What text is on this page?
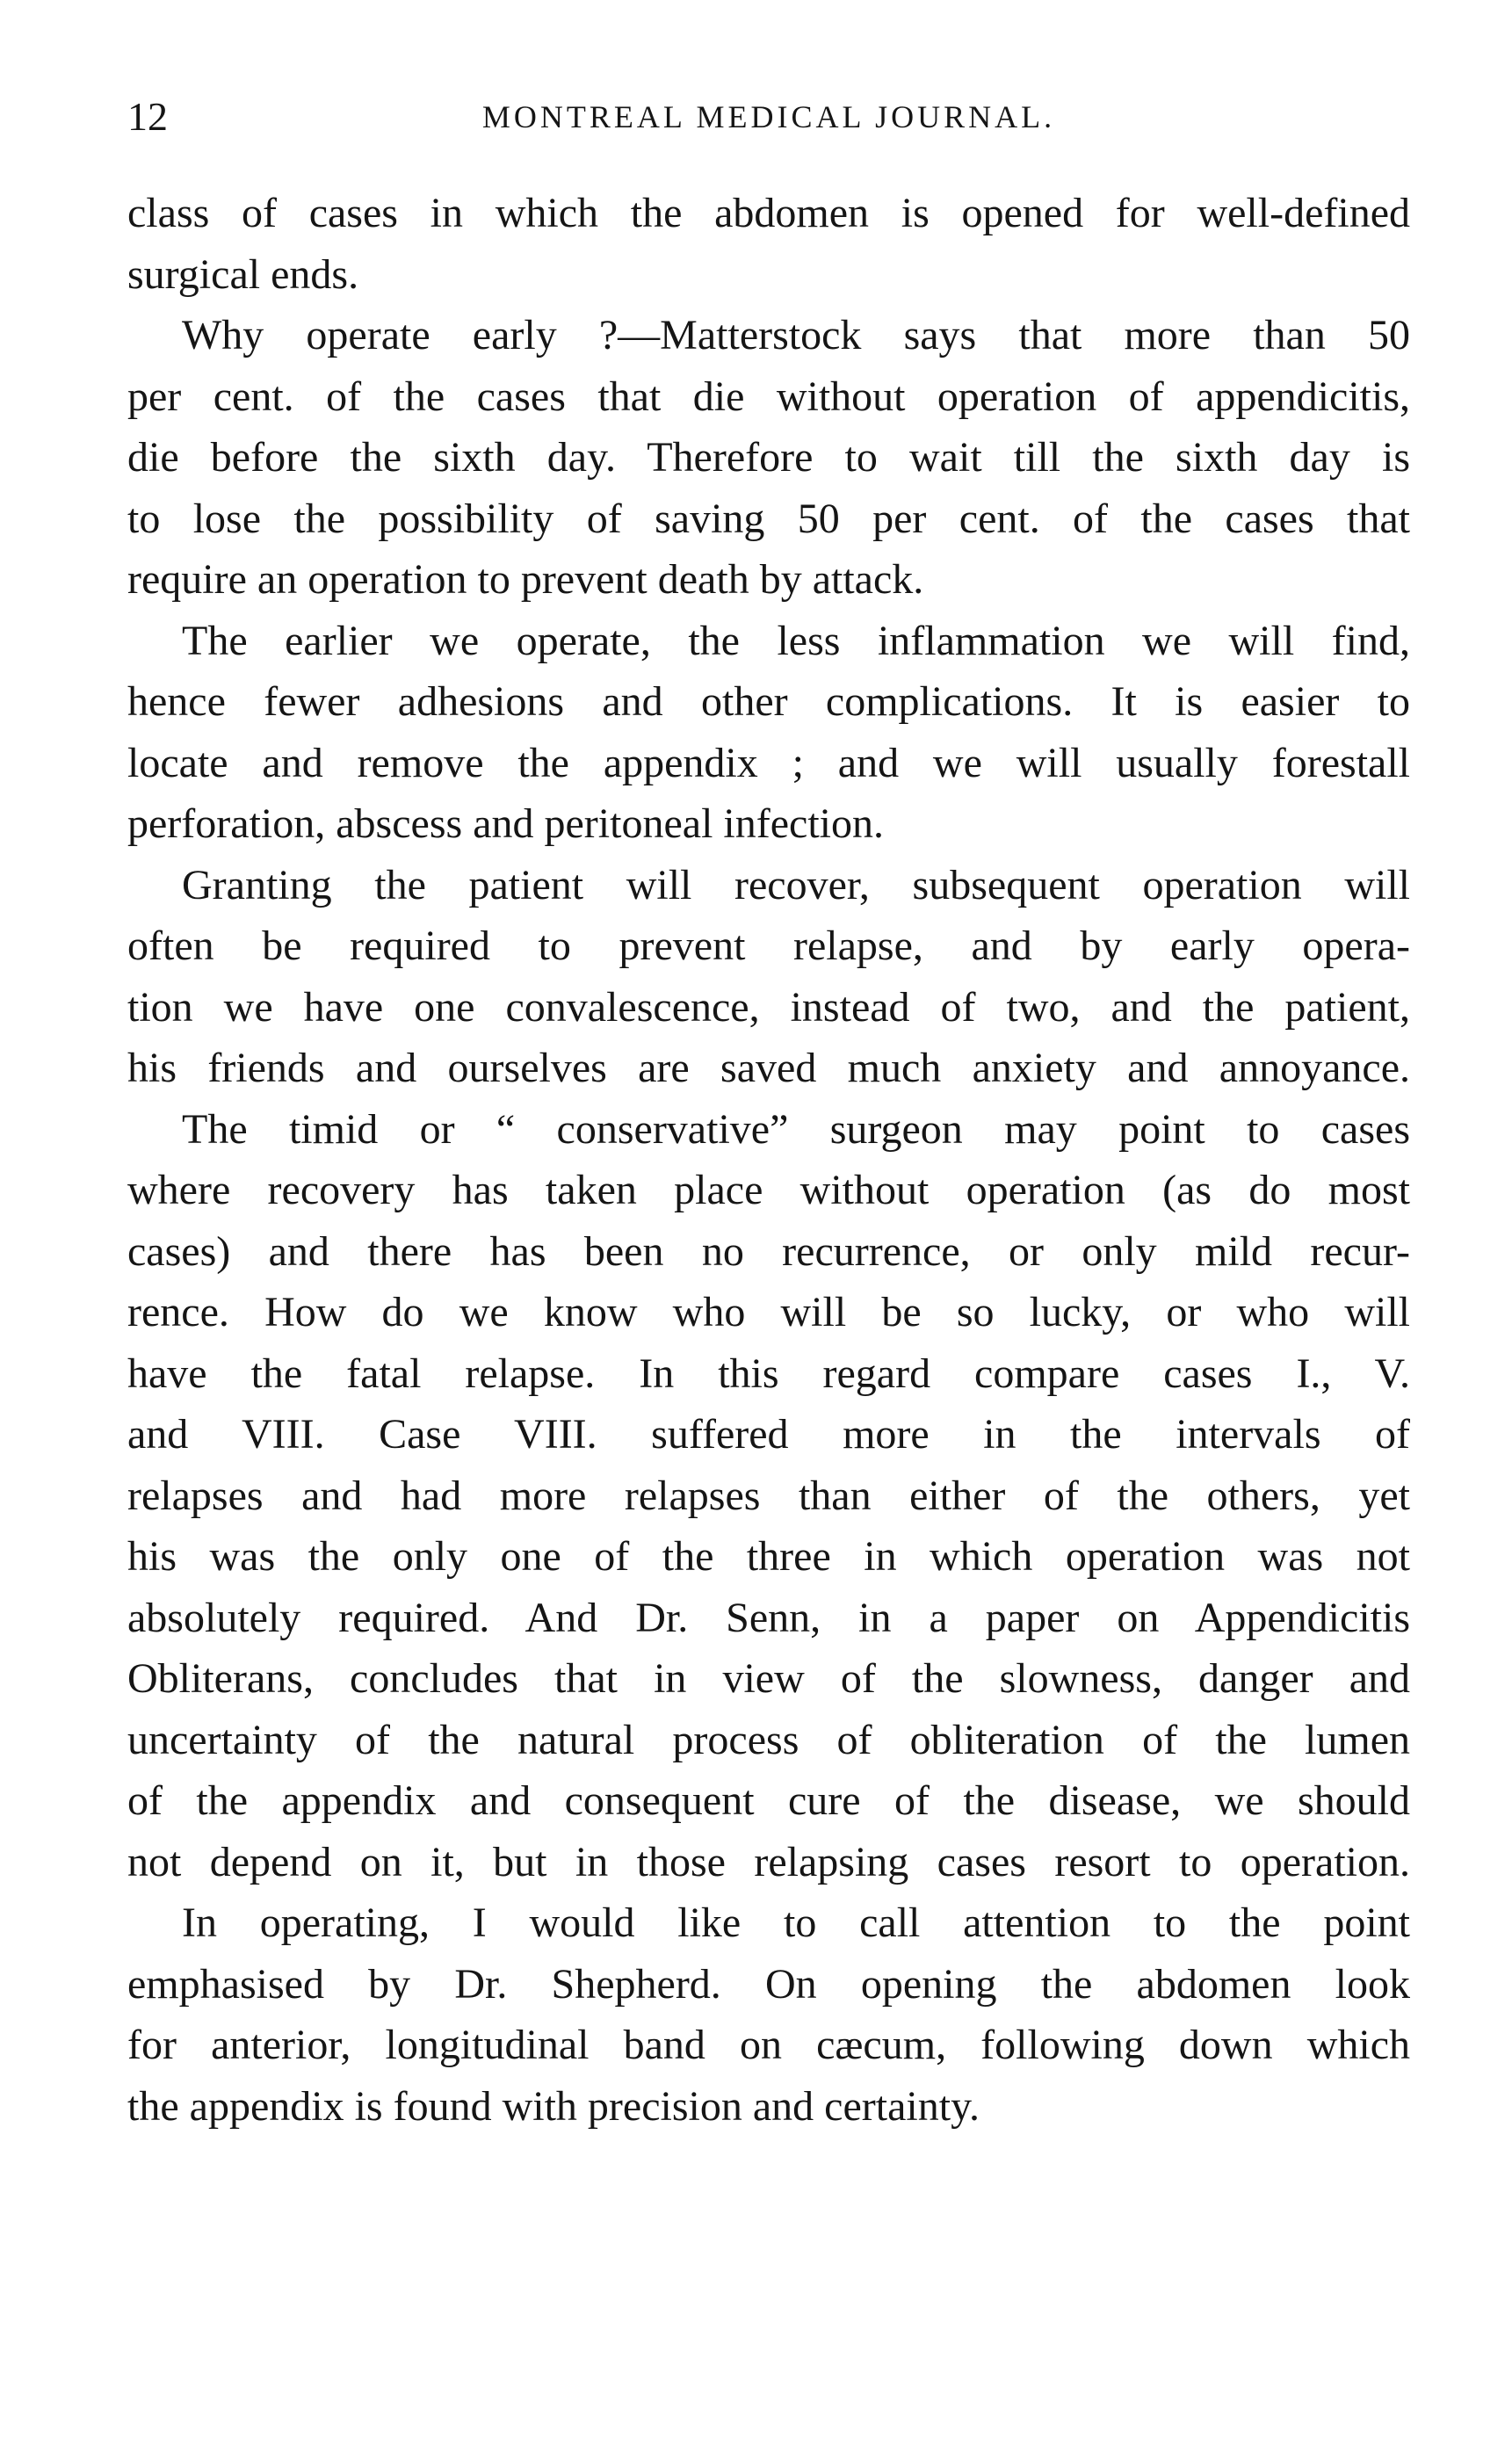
12	MONTREAL MEDICAL JOURNAL.
class of cases in which the abdomen is opened for well-defined
surgical ends.
Why operate early ?—Matterstock says that more than 50
per cent. of the cases that die without operation of appendicitis,
die before the sixth day. Therefore to wait till the sixth day is
to lose the possibility of saving 50 per cent. of the cases that
require an operation to prevent death by attack.
The earlier we operate, the less inflammation we will find,
hence fewer adhesions and other complications. It is easier to
locate and remove the appendix ; and we will usually forestall
perforation, abscess and peritoneal infection.
Granting the patient will recover, subsequent operation will
often be required to prevent relapse, and by early opera-
tion we have one convalescence, instead of two, and the patient,
his friends and ourselves are saved much anxiety and annoyance.
The timid or “ conservative” surgeon may point to cases
where recovery has taken place without operation (as do most
cases) and there has been no recurrence, or only mild recur-
rence. How do we know who will be so lucky, or who will
have the fatal relapse. In this regard compare cases I., V.
and VIII. Case VIII. suffered more in the intervals of
relapses and had more relapses than either of the others, yet
his was the only one of the three in which operation was not
absolutely required. And Dr. Senn, in a paper on Appendicitis
Obliterans, concludes that in view of the slowness, danger and
uncertainty of the natural process of obliteration of the lumen
of the appendix and consequent cure of the disease, we should
not depend on it, but in those relapsing cases resort to operation.
In operating, I would like to call attention to the point
emphasised by Dr. Shepherd. On opening the abdomen look
for anterior, longitudinal band on cæcum, following down which
the appendix is found with precision and certainty.
